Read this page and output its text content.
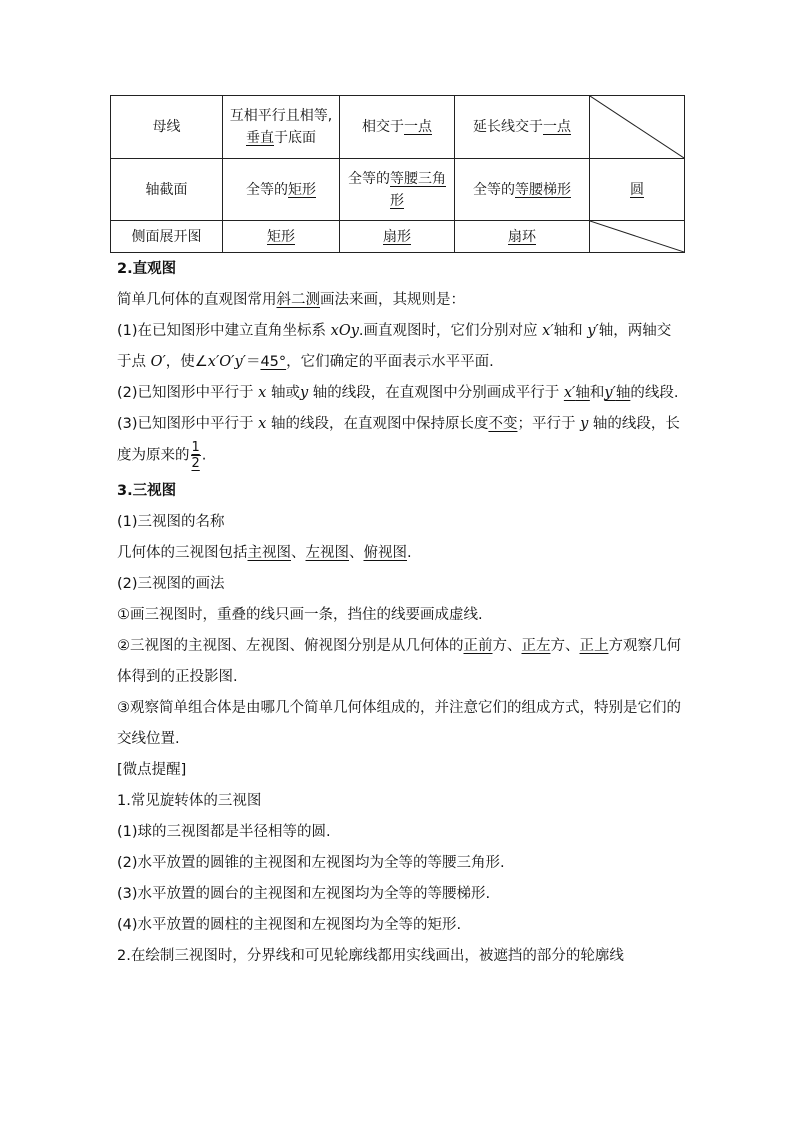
母线	互相平行且相等,垂直于底面	相交于一点	延长线交于一点	

轴截面	全等的矩形	全等的等腰三角形	全等的等腰梯形	圆
侧面展开图	矩形	扇形	扇环	

2.直观图

简单几何体的直观图常用斜二测画法来画，其规则是：

(1)在已知图形中建立直角坐标系 xOy.画直观图时，它们分别对应 x′轴和 y′轴，两轴交于点 O′，使∠x′O′y′＝45°，它们确定的平面表示水平平面.

(2)已知图形中平行于 x 轴或y 轴的线段，在直观图中分别画成平行于 x′轴和y′轴的线段.

(3)已知图形中平行于 x 轴的线段，在直观图中保持原长度不变；平行于 y 轴的线段，长度为原来的 $\frac{1}{2}$ .

3.三视图

(1)三视图的名称

几何体的三视图包括主视图、左视图、俯视图.

(2)三视图的画法

①画三视图时，重叠的线只画一条，挡住的线要画成虚线.

②三视图的主视图、左视图、俯视图分别是从几何体的正前方、正左方、正上方观察几何体得到的正投影图.

③观察简单组合体是由哪几个简单几何体组成的，并注意它们的组成方式，特别是它们的交线位置.

[微点提醒]

1.常见旋转体的三视图

(1)球的三视图都是半径相等的圆.

(2)水平放置的圆锥的主视图和左视图均为全等的等腰三角形.

(3)水平放置的圆台的主视图和左视图均为全等的等腰梯形.

(4)水平放置的圆柱的主视图和左视图均为全等的矩形.

2.在绘制三视图时，分界线和可见轮廓线都用实线画出，被遮挡的部分的轮廓线
